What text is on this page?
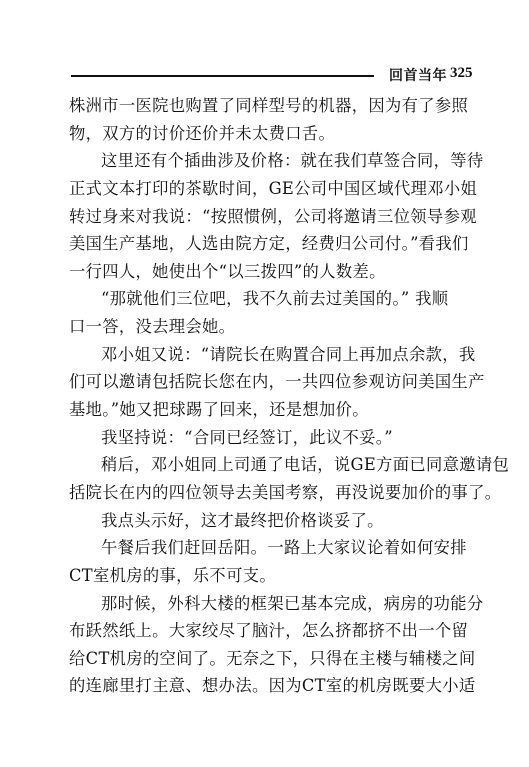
回首当年 325
株洲市一医院也购置了同样型号的机器，因为有了参照
物，双方的讨价还价并未太费口舌。
这里还有个插曲涉及价格：就在我们草签合同，等待
正式文本打印的茶歇时间，GE公司中国区域代理邓小姐
转过身来对我说：“按照惯例，公司将邀请三位领导参观
美国生产基地，人选由院方定，经费归公司付。”看我们
一行四人，她使出个“以三拨四”的人数差。
“那就他们三位吧，我不久前去过美国的。” 我顺
口一答，没去理会她。
邓小姐又说：“请院长在购置合同上再加点余款，我
们可以邀请包括院长您在内，一共四位参观访问美国生产
基地。”她又把球踢了回来，还是想加价。
我坚持说：“合同已经签订，此议不妥。”
稍后，邓小姐同上司通了电话，说GE方面已同意邀请包
括院长在内的四位领导去美国考察，再没说要加价的事了。
我点头示好，这才最终把价格谈妥了。
午餐后我们赶回岳阳。一路上大家议论着如何安排
CT室机房的事，乐不可支。
那时候，外科大楼的框架已基本完成，病房的功能分
布跃然纸上。大家绞尽了脑汁，怎么挤都挤不出一个留
给CT机房的空间了。无奈之下，只得在主楼与辅楼之间
的连廊里打主意、想办法。因为CT室的机房既要大小适
